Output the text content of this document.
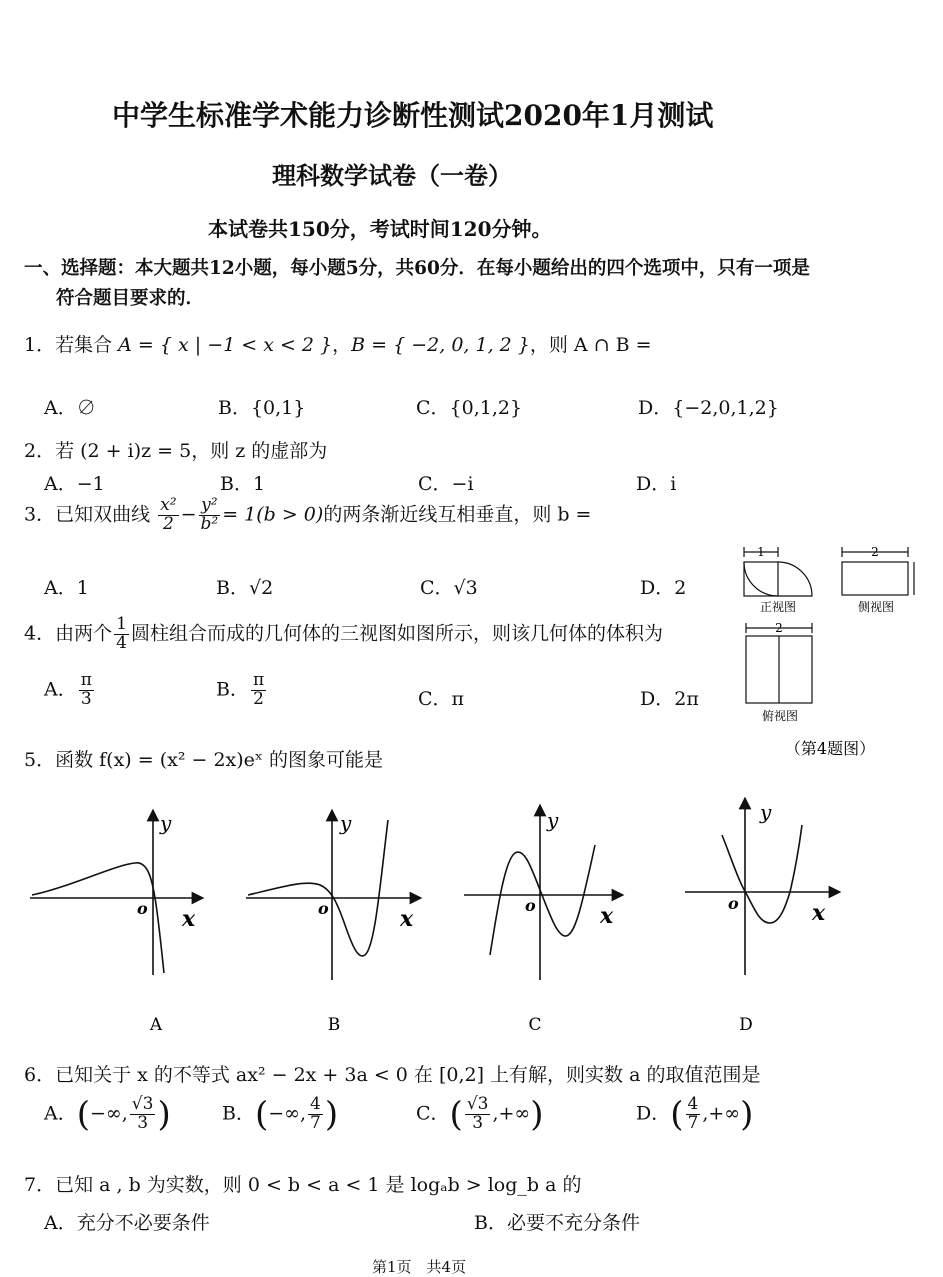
中学生标准学术能力诊断性测试2020年1月测试
理科数学试卷（一卷）
本试卷共150分，考试时间120分钟。
一、选择题：本大题共12小题，每小题5分，共60分．在每小题给出的四个选项中，只有一项是
符合题目要求的．
1．若集合 A = { x | −1 < x < 2 }，B = { −2, 0, 1, 2 }，则 A ∩ B =
A．∅	B．{0,1}	C．{0,1,2}	D．{−2,0,1,2}
2．若 (2 + i)z = 5，则 z 的虚部为
A．−1	B．1	C．−i	D．i
3．已知双曲线 $\frac{\text{x²}}{2} - \frac{\text{y²}}{\text{b²}} = 1(b > 0)$的两条渐近线互相垂直，则 b =
A．1	B．√2	C．√3	D．2
4．由两个 $\frac{1}{4}$ 圆柱组合而成的几何体的三视图如图所示，则该几何体的体积为
A． $\frac{\pi}{3}$	B． $\frac{\pi}{2}$	C．π	D．2π
1
正视图
2
侧视图
2
俯视图
（第4题图）
5．函数 f(x) = (x² − 2x)eˣ 的图象可能是
y
x
o
A
y
x
o
B
y
x
o
C
y
x
o
D
6．已知关于 x 的不等式 ax² − 2x + 3a < 0 在 [0,2] 上有解，则实数 a 的取值范围是
A．(−∞, $\frac{√3}{3}$ )	B．(−∞, $\frac{4}{7}$ )	C．( $\frac{√3}{3}$ ,+∞)	D．( $\frac{4}{7}$ ,+∞)
7．已知 a , b 为实数，则 0 < b < a < 1 是 logₐb > log_b a 的
A．充分不必要条件	B．必要不充分条件
第1页　共4页
